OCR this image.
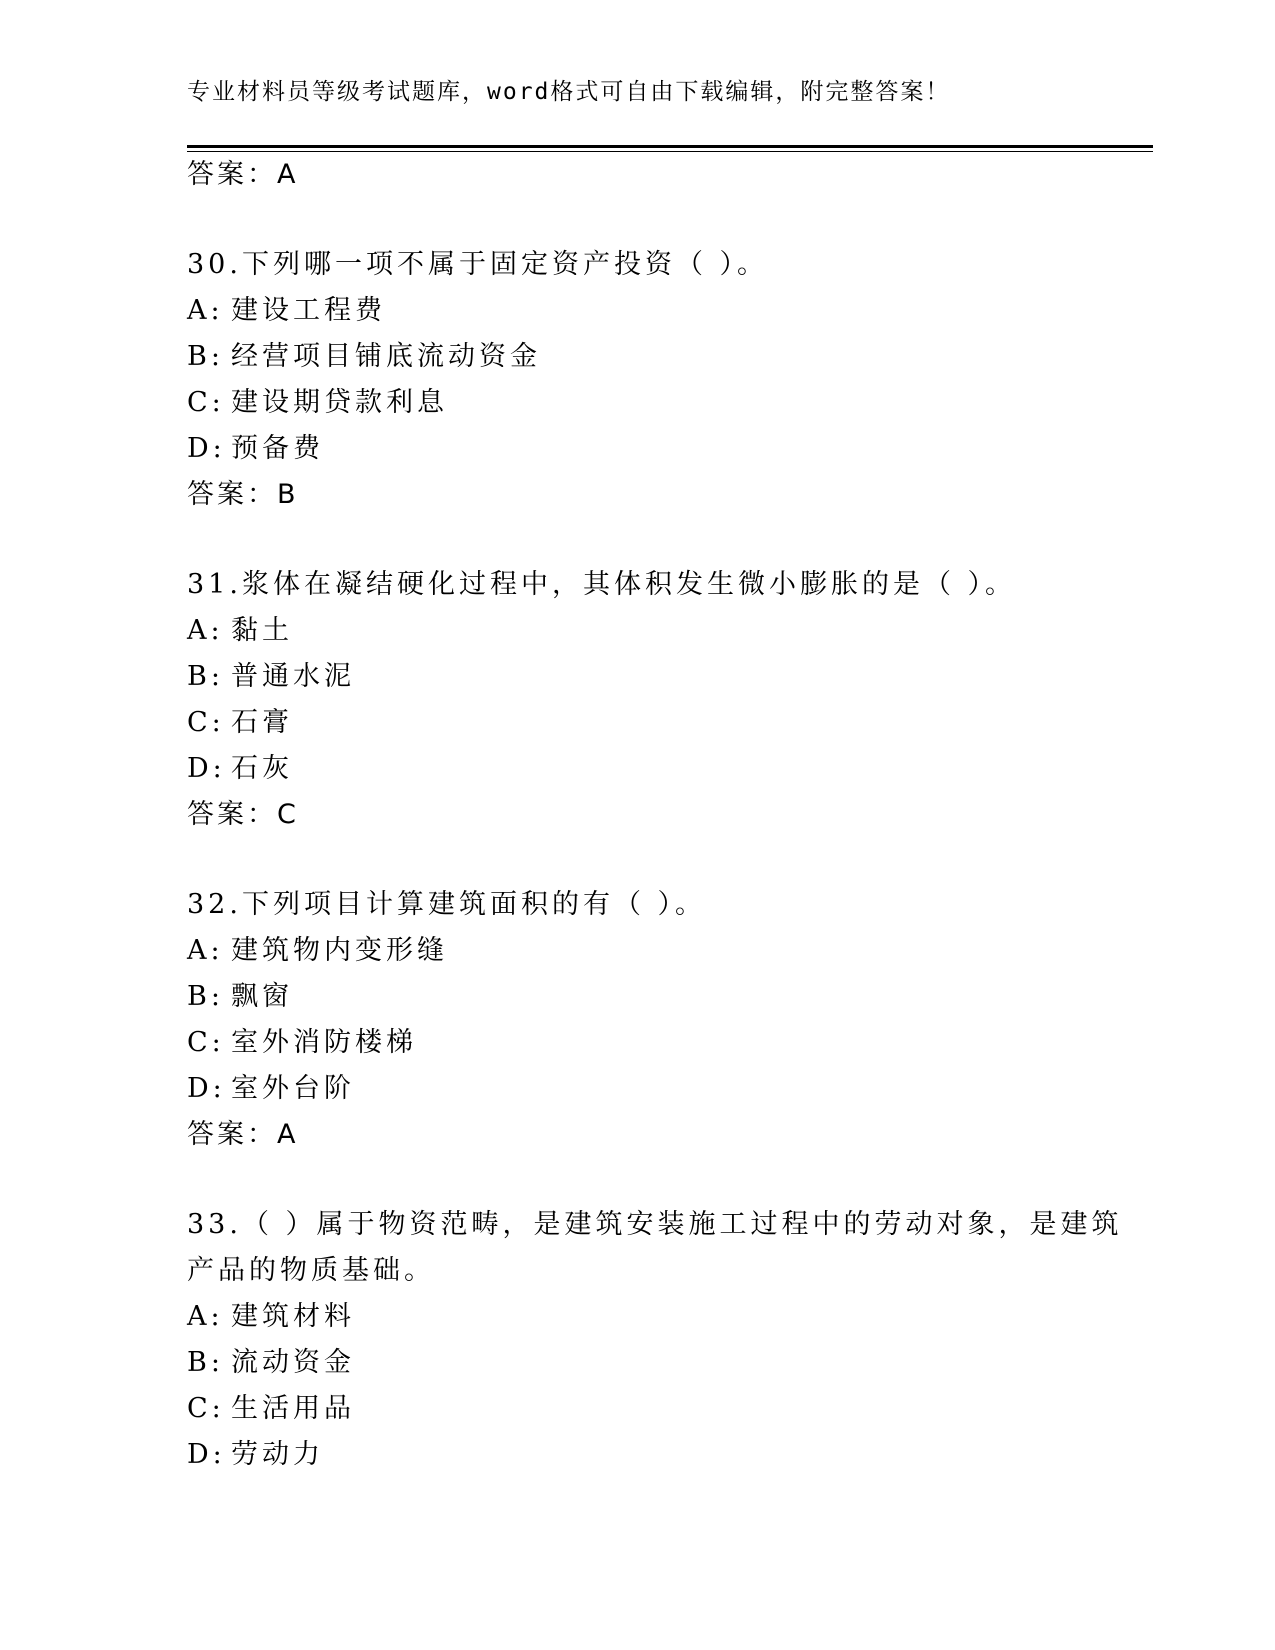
专业材料员等级考试题库，word格式可自由下载编辑，附完整答案！
答案：A
30.下列哪一项不属于固定资产投资（ ）。
A: 建设工程费
B: 经营项目铺底流动资金
C: 建设期贷款利息
D: 预备费
答案：B
31.浆体在凝结硬化过程中，其体积发生微小膨胀的是（ ）。
A: 黏土
B: 普通水泥
C: 石膏
D: 石灰
答案：C
32.下列项目计算建筑面积的有（ ）。
A: 建筑物内变形缝
B: 飘窗
C: 室外消防楼梯
D: 室外台阶
答案：A
33.（ ）属于物资范畴，是建筑安装施工过程中的劳动对象，是建筑
产品的物质基础。
A: 建筑材料
B: 流动资金
C: 生活用品
D: 劳动力
